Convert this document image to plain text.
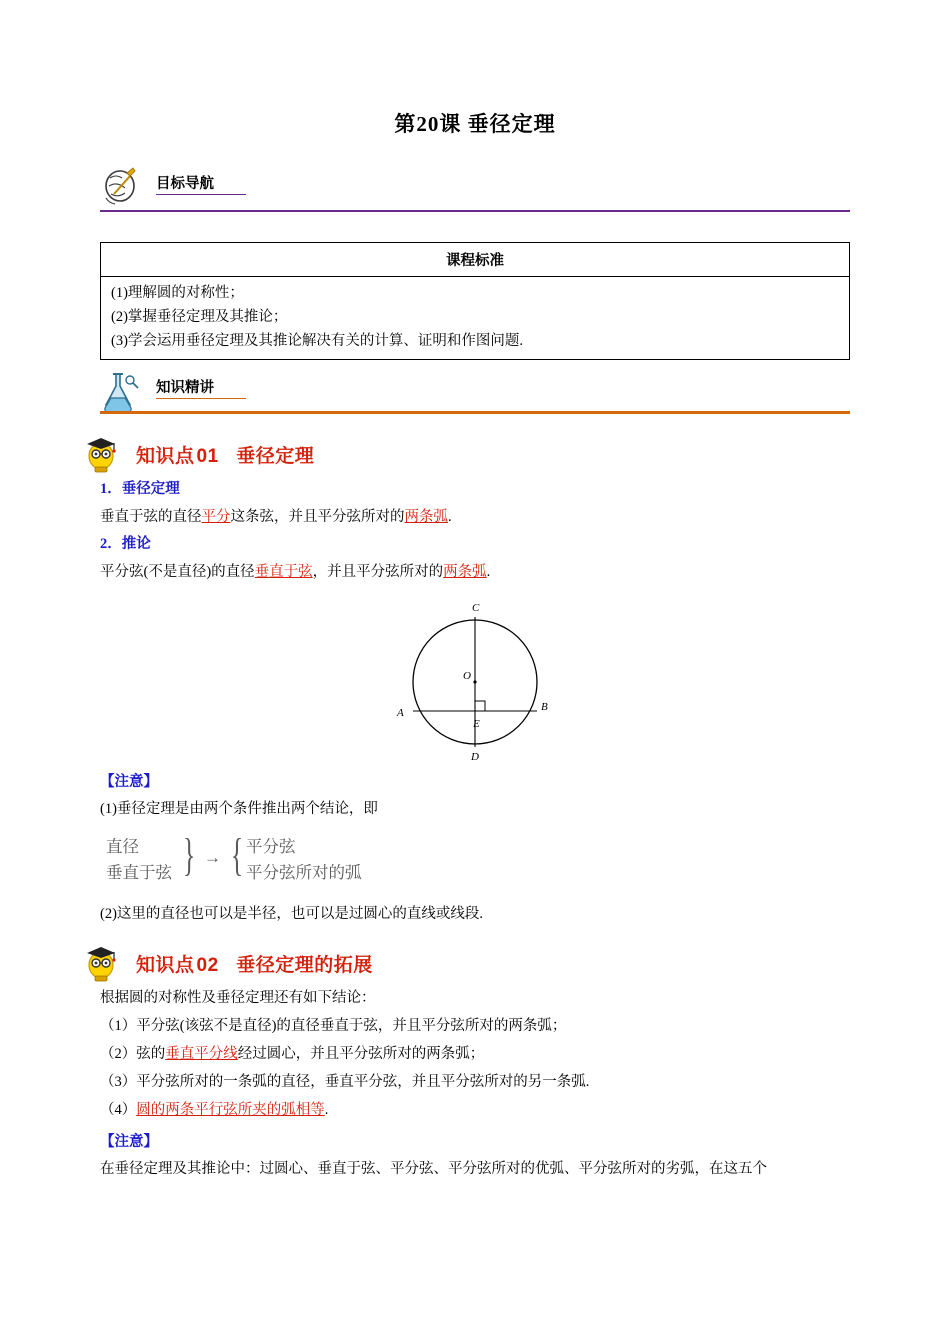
第20课 垂径定理
目标导航
课程标准

(1)理解圆的对称性；
(2)掌握垂径定理及其推论；
(3)学会运用垂径定理及其推论解决有关的计算、证明和作图问题.
知识精讲
知识点 01 垂径定理
1．垂径定理
垂直于弦的直径平分这条弦，并且平分弦所对的两条弧.
2．推论
平分弦(不是直径)的直径垂直于弦，并且平分弦所对的两条弧.
C
O
A	B
E
D
【注意】
(1)垂径定理是由两个条件推出两个结论，即
直径
垂直于弦 } → { 平分弦
平分弦所对的弧
(2)这里的直径也可以是半径，也可以是过圆心的直线或线段.
知识点 02 垂径定理的拓展
根据圆的对称性及垂径定理还有如下结论：
（1）平分弦(该弦不是直径)的直径垂直于弦，并且平分弦所对的两条弧；
（2）弦的垂直平分线经过圆心，并且平分弦所对的两条弧；
（3）平分弦所对的一条弧的直径，垂直平分弦，并且平分弦所对的另一条弧.
（4）圆的两条平行弦所夹的弧相等.
【注意】
在垂径定理及其推论中：过圆心、垂直于弦、平分弦、平分弦所对的优弧、平分弦所对的劣弧，在这五个
